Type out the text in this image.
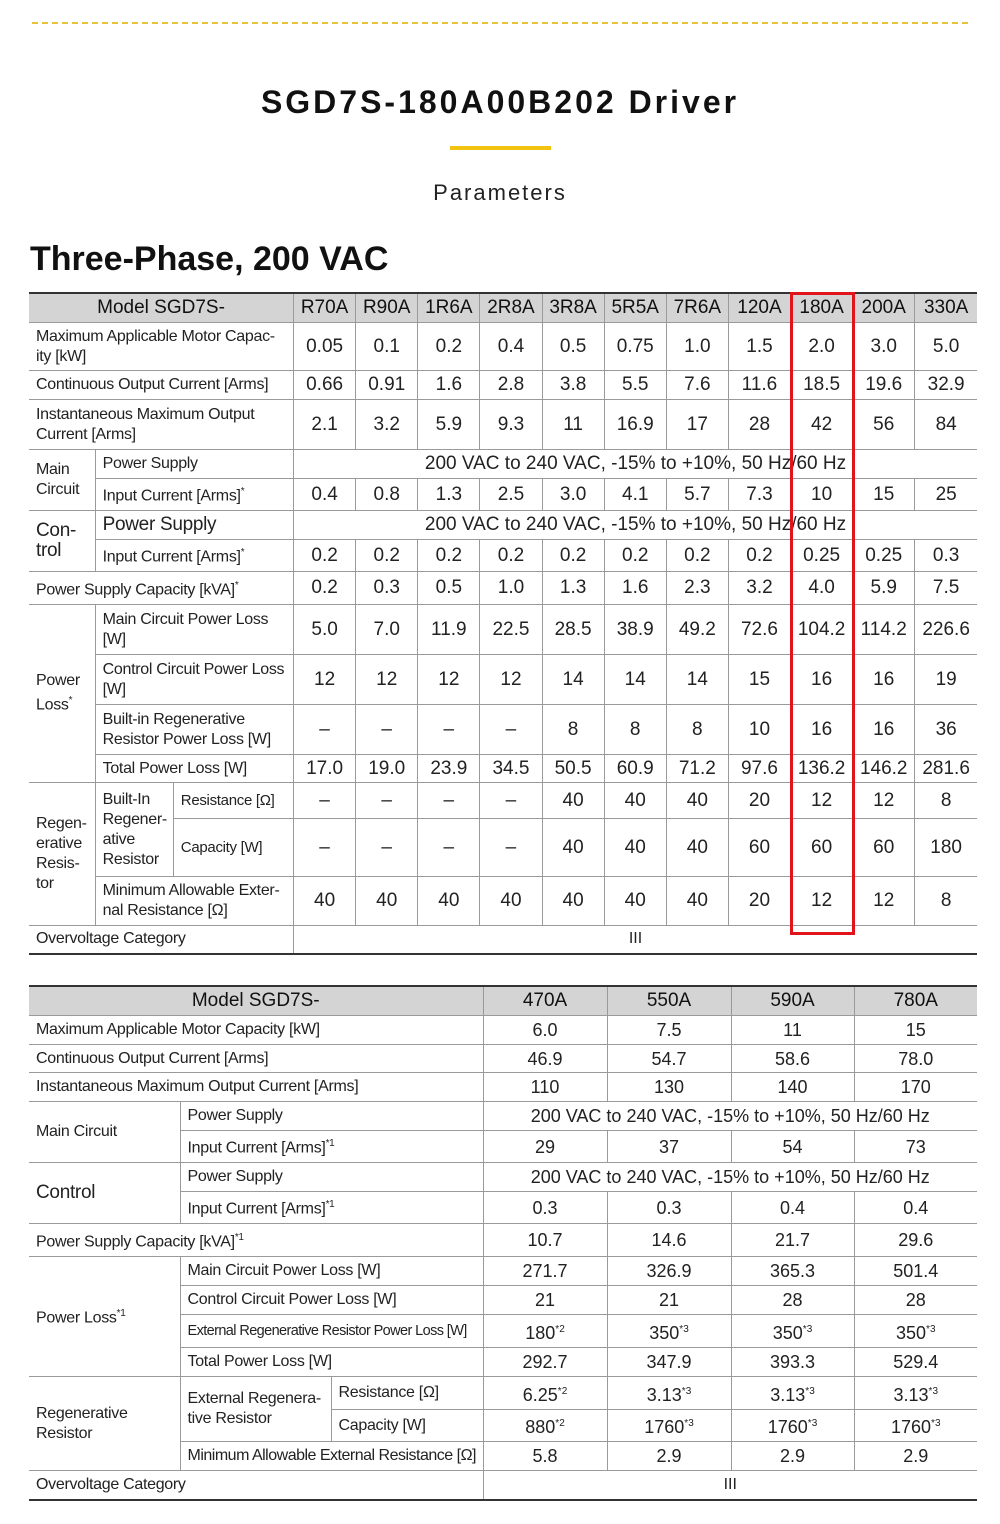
SGD7S-180A00B202 Driver
Parameters
Three-Phase, 200 VAC
Model SGD7S-			R70A	R90A	1R6A	2R8A	3R8A	5R5A	7R6A	120A	180A	200A	330A
Maximum Applicable Motor Capac- ity [kW]			0.05	0.1	0.2	0.4	0.5	0.75	1.0	1.5	2.0	3.0	5.0
Continuous Output Current [Arms]			0.66	0.91	1.6	2.8	3.8	5.5	7.6	11.6	18.5	19.6	32.9
Instantaneous Maximum Output Current [Arms]			2.1	3.2	5.9	9.3	11	16.9	17	28	42	56	84
Main Circuit	Power Supply		200 VAC to 240 VAC, -15% to +10%, 50 Hz/60 Hz										
	Input Current [Arms]*		0.4	0.8	1.3	2.5	3.0	4.1	5.7	7.3	10	15	25
Con- trol	Power Supply		200 VAC to 240 VAC, -15% to +10%, 50 Hz/60 Hz										
	Input Current [Arms]*		0.2	0.2	0.2	0.2	0.2	0.2	0.2	0.2	0.25	0.25	0.3
Power Supply Capacity [kVA]*			0.2	0.3	0.5	1.0	1.3	1.6	2.3	3.2	4.0	5.9	7.5
Power Loss*	Main Circuit Power Loss [W]		5.0	7.0	11.9	22.5	28.5	38.9	49.2	72.6	104.2	114.2	226.6
	Control Circuit Power Loss [W]		12	12	12	12	14	14	14	15	16	16	19
	Built-in Regenerative Resistor Power Loss [W]		–	–	–	–	8	8	8	10	16	16	36
	Total Power Loss [W]		17.0	19.0	23.9	34.5	50.5	60.9	71.2	97.6	136.2	146.2	281.6
Regen- erative Resis- tor	Built-In Regener- ative Resistor	Resistance [Ω]	–	–	–	–	40	40	40	20	12	12	8
		Capacity [W]	–	–	–	–	40	40	40	60	60	60	180
	Minimum Allowable Exter- nal Resistance [Ω]		40	40	40	40	40	40	40	20	12	12	8
Overvoltage Category			III										
Model SGD7S-			470A	550A	590A	780A
Maximum Applicable Motor Capacity [kW]			6.0	7.5	11	15
Continuous Output Current [Arms]			46.9	54.7	58.6	78.0
Instantaneous Maximum Output Current [Arms]			110	130	140	170
Main Circuit	Power Supply		200 VAC to 240 VAC, -15% to +10%, 50 Hz/60 Hz			
	Input Current [Arms]$^{*1}$		29	37	54	73
Control	Power Supply		200 VAC to 240 VAC, -15% to +10%, 50 Hz/60 Hz			
	Input Current [Arms]$^{*1}$		0.3	0.3	0.4	0.4
Power Supply Capacity [kVA]$^{*1}$			10.7	14.6	21.7	29.6
Power Loss$^{*1}$	Main Circuit Power Loss [W]		271.7	326.9	365.3	501.4
	Control Circuit Power Loss [W]		21	21	28	28
	External Regenerative Resistor Power Loss [W]		180$^{*2}$	350$^{*3}$	350$^{*3}$	350$^{*3}$
	Total Power Loss [W]		292.7	347.9	393.3	529.4
Regenerative Resistor	External Regenera- tive Resistor	Resistance [Ω]	6.25$^{*2}$	3.13$^{*3}$	3.13$^{*3}$	3.13$^{*3}$
		Capacity [W]	880$^{*2}$	1760$^{*3}$	1760$^{*3}$	1760$^{*3}$
	Minimum Allowable External Resistance [Ω]		5.8	2.9	2.9	2.9
Overvoltage Category			III			
